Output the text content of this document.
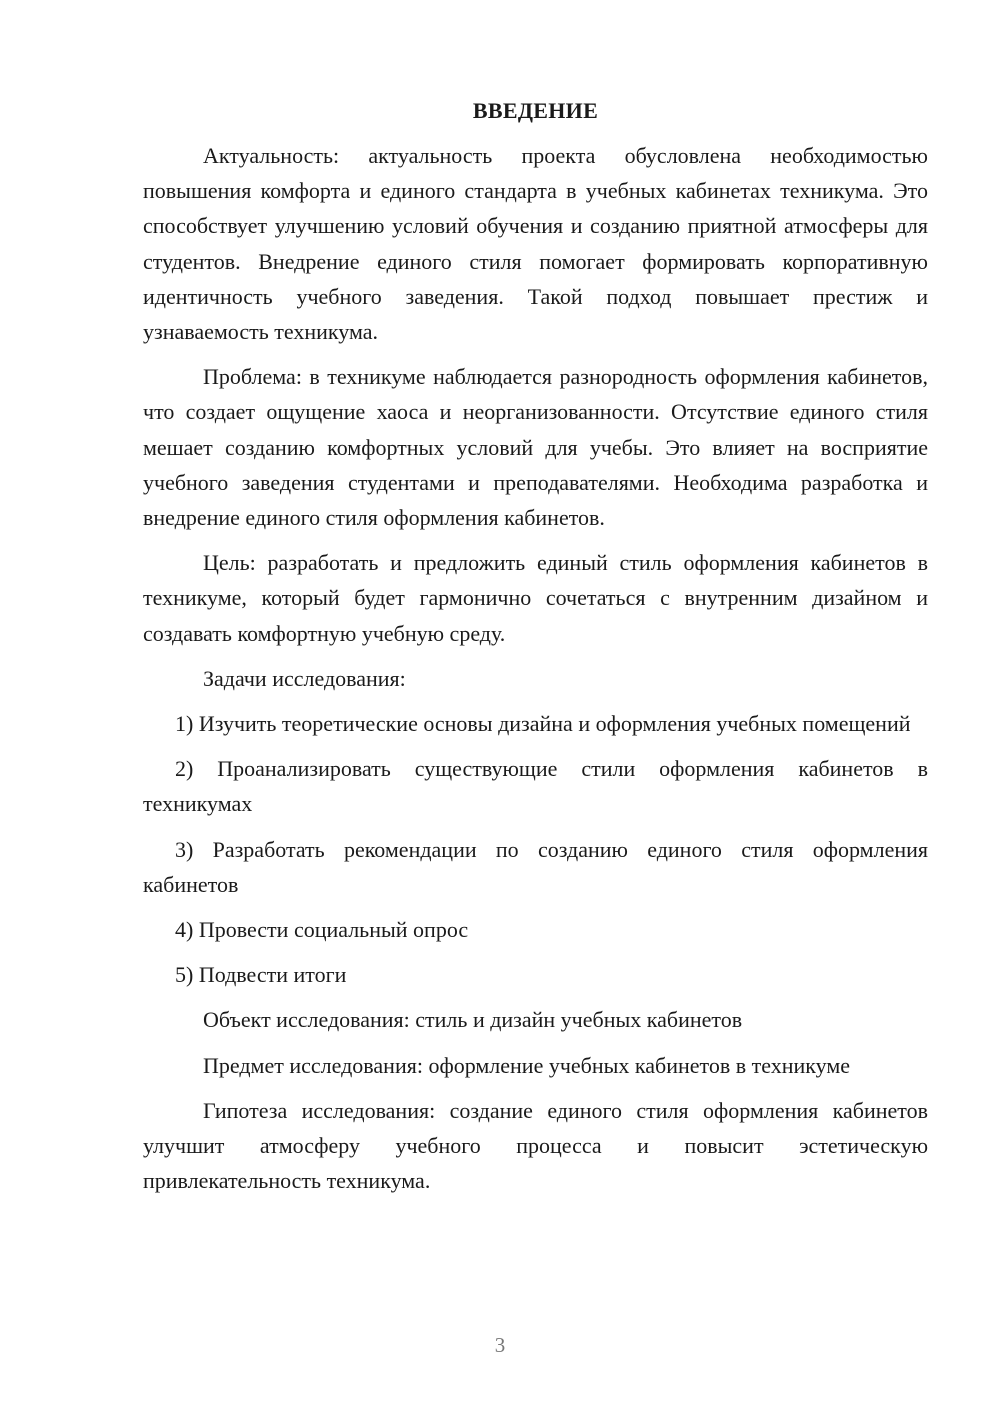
ВВЕДЕНИЕ

Актуальность: актуальность проекта обусловлена необходимостью повышения комфорта и единого стандарта в учебных кабинетах техникума. Это способствует улучшению условий обучения и созданию приятной атмосферы для студентов. Внедрение единого стиля помогает формировать корпоративную идентичность учебного заведения. Такой подход повышает престиж и узнаваемость техникума.

Проблема: в техникуме наблюдается разнородность оформления кабинетов, что создает ощущение хаоса и неорганизованности. Отсутствие единого стиля мешает созданию комфортных условий для учебы. Это влияет на восприятие учебного заведения студентами и преподавателями. Необходима разработка и внедрение единого стиля оформления кабинетов.

Цель: разработать и предложить единый стиль оформления кабинетов в техникуме, который будет гармонично сочетаться с внутренним дизайном и создавать комфортную учебную среду.

Задачи исследования:

1) Изучить теоретические основы дизайна и оформления учебных помещений

2) Проанализировать существующие стили оформления кабинетов в техникумах

3) Разработать рекомендации по созданию единого стиля оформления кабинетов

4) Провести социальный опрос

5) Подвести итоги

Объект исследования: стиль и дизайн учебных кабинетов

Предмет исследования: оформление учебных кабинетов в техникуме

Гипотеза исследования: создание единого стиля оформления кабинетов улучшит атмосферу учебного процесса и повысит эстетическую привлекательность техникума.

3
